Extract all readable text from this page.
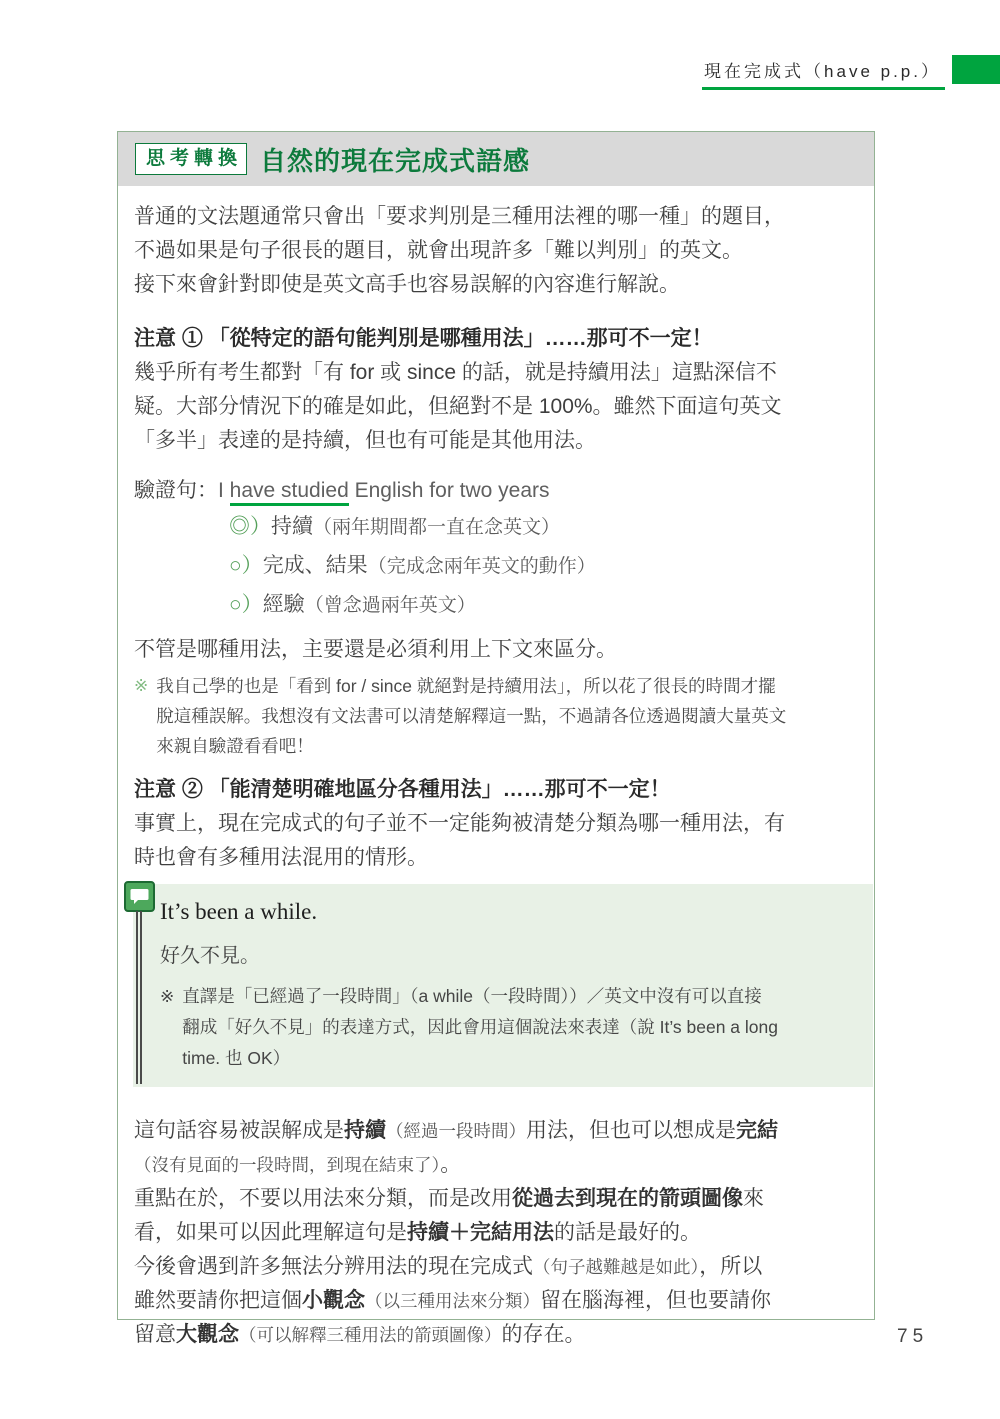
現在完成式（have p.p.）
思考轉換 自然的現在完成式語感
普通的文法題通常只會出「要求判別是三種用法裡的哪一種」的題目，
不過如果是句子很長的題目，就會出現許多「難以判別」的英文。
接下來會針對即使是英文高手也容易誤解的內容進行解說。
注意 ① 「從特定的語句能判別是哪種用法」……那可不一定！
幾乎所有考生都對「有 for 或 since 的話，就是持續用法」這點深信不
疑。大部分情況下的確是如此，但絕對不是 100%。雖然下面這句英文
「多半」表達的是持續，但也有可能是其他用法。
驗證句：I have studied English for two years
◎）持續（兩年期間都一直在念英文）
○）完成、結果（完成念兩年英文的動作）
○）經驗（曾念過兩年英文）
不管是哪種用法，主要還是必須利用上下文來區分。
※ 我自己學的也是「看到 for / since 就絕對是持續用法」，所以花了很長的時間才擺
脫這種誤解。我想沒有文法書可以清楚解釋這一點，不過請各位透過閱讀大量英文
來親自驗證看看吧！
注意 ② 「能清楚明確地區分各種用法」……那可不一定！
事實上，現在完成式的句子並不一定能夠被清楚分類為哪一種用法，有
時也會有多種用法混用的情形。
It’s been a while.
好久不見。
※ 直譯是「已經過了一段時間」（a while（一段時間））／英文中沒有可以直接
翻成「好久不見」的表達方式，因此會用這個說法來表達（說 It’s been a long
time. 也 OK）
這句話容易被誤解成是持續（經過一段時間）用法，但也可以想成是完結
（沒有見面的一段時間，到現在結束了）。
重點在於，不要以用法來分類，而是改用從過去到現在的箭頭圖像來
看，如果可以因此理解這句是持續＋完結用法的話是最好的。
今後會遇到許多無法分辨用法的現在完成式（句子越難越是如此），所以
雖然要請你把這個小觀念（以三種用法來分類）留在腦海裡，但也要請你
留意大觀念（可以解釋三種用法的箭頭圖像）的存在。	75
